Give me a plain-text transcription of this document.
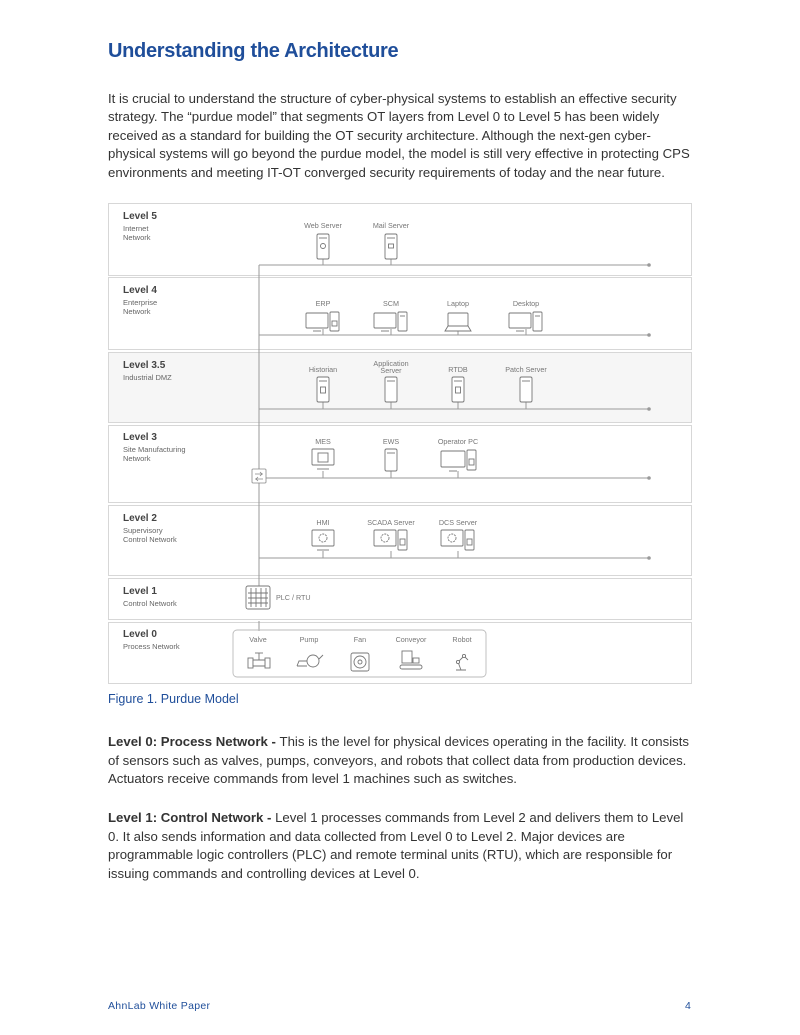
Understanding the Architecture
It is crucial to understand the structure of cyber-physical systems to establish an effective security strategy. The “purdue model” that segments OT layers from Level 0 to Level 5 has been widely received as a standard for building the OT security architecture. Although the next-gen cyber-physical systems will go beyond the purdue model, the model is still very effective in protecting CPS environments and meeting IT-OT converged security requirements of today and the near future.
Level 5
Internet
Network
Level 4
Enterprise
Network
Level 3.5
Industrial DMZ
Level 3
Site Manufacturing
Network
Level 2
Supervisory
Control Network
Level 1
Control Network
Level 0
Process Network
Web Server	Mail Server
ERP	SCM	Laptop	Desktop
Historian
Application
Server	RTDB	Patch Server
MES	EWS	Operator PC
HMI	SCADA Server	DCS Server
PLC / RTU
Valve	Pump	Fan	Conveyor	Robot
Figure 1. Purdue Model
Level 0: Process Network - This is the level for physical devices operating in the facility. It consists of sensors such as valves, pumps, conveyors, and robots that collect data from production devices. Actuators receive commands from level 1 machines such as switches.
Level 1: Control Network - Level 1 processes commands from Level 2 and delivers them to Level 0. It also sends information and data collected from Level 0 to Level 2. Major devices are programmable logic controllers (PLC) and remote terminal units (RTU), which are responsible for issuing commands and controlling devices at Level 0.
AhnLab White Paper	4
